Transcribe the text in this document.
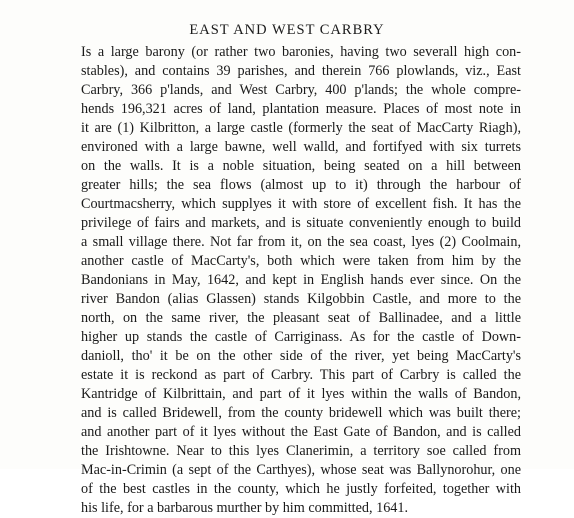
EAST AND WEST CARBRY
Is a large barony (or rather two baronies, having two severall high con-
stables), and contains 39 parishes, and therein 766 plowlands, viz., East
Carbry, 366 p'lands, and West Carbry, 400 p'lands; the whole compre-
hends 196,321 acres of land, plantation measure. Places of most note in
it are (1) Kilbritton, a large castle (formerly the seat of MacCarty Riagh),
environed with a large bawne, well walld, and fortifyed with six turrets
on the walls. It is a noble situation, being seated on a hill between
greater hills; the sea flows (almost up to it) through the harbour of
Courtmacsherry, which supplyes it with store of excellent fish. It has the
privilege of fairs and markets, and is situate conveniently enough to build
a small village there. Not far from it, on the sea coast, lyes (2) Coolmain,
another castle of MacCarty's, both which were taken from him by the
Bandonians in May, 1642, and kept in English hands ever since. On the
river Bandon (alias Glassen) stands Kilgobbin Castle, and more to the
north, on the same river, the pleasant seat of Ballinadee, and a little
higher up stands the castle of Carriginass. As for the castle of Down-
danioll, tho' it be on the other side of the river, yet being MacCarty's
estate it is reckond as part of Carbry. This part of Carbry is called the
Kantridge of Kilbrittain, and part of it lyes within the walls of Bandon,
and is called Bridewell, from the county bridewell which was built there;
and another part of it lyes without the East Gate of Bandon, and is called
the Irishtowne. Near to this lyes Clanerimin, a territory soe called from
Mac-in-Crimin (a sept of the Carthyes), whose seat was Ballynorohur, one
of the best castles in the county, which he justly forfeited, together with
his life, for a barbarous murther by him committed, 1641.
